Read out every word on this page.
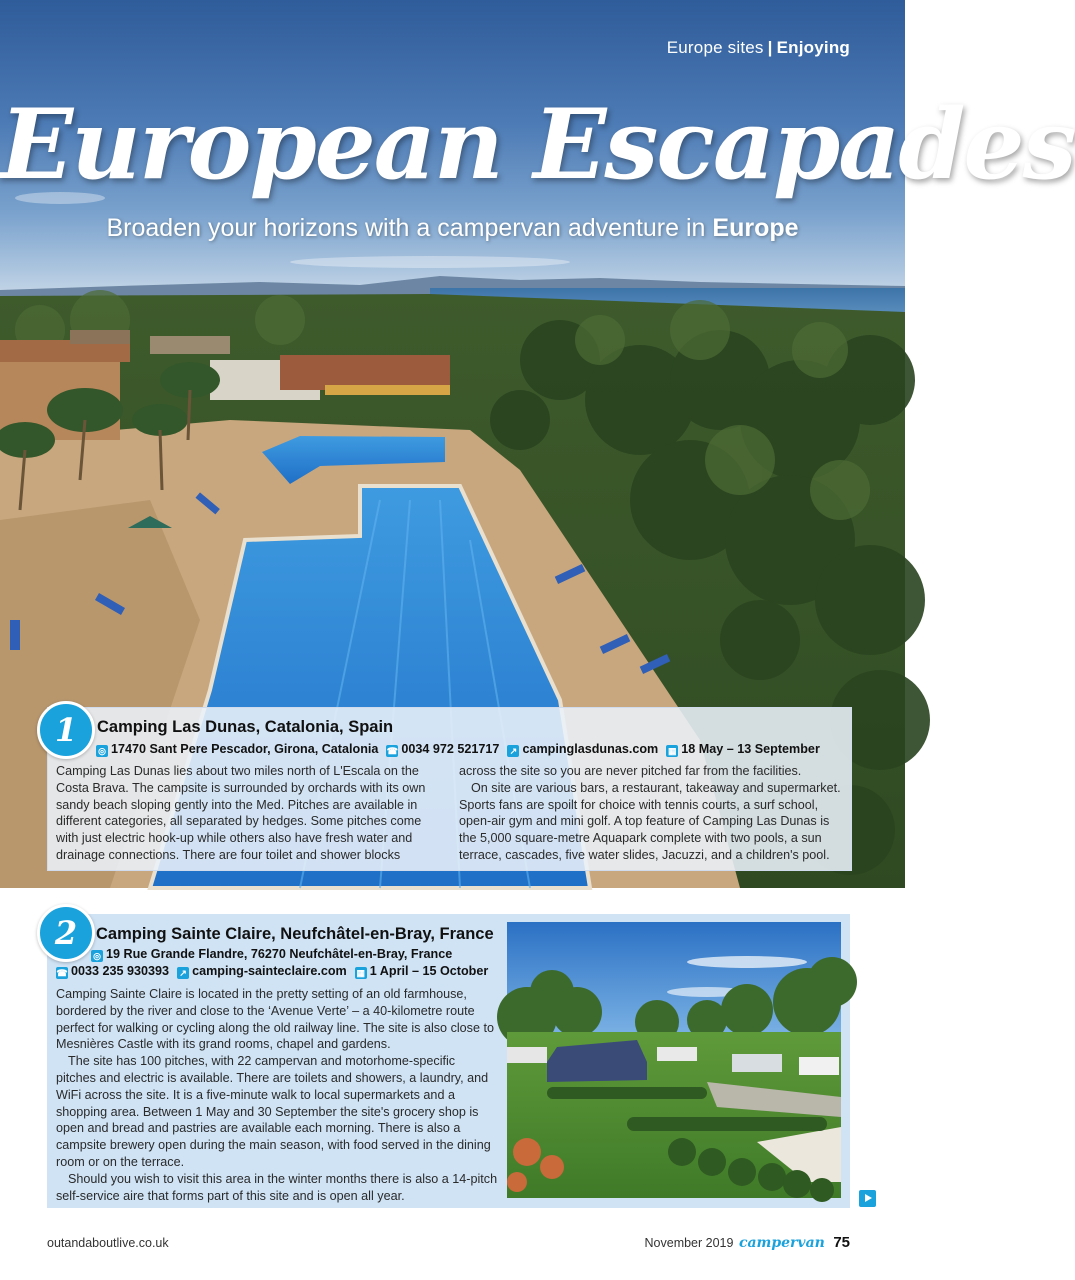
Europe sites | Enjoying
European Escapades
Broaden your horizons with a campervan adventure in Europe
1	Camping Las Dunas, Catalonia, Spain
◎ 17470 Sant Pere Pescador, Girona, Catalonia ☎ 0034 972 521717 ↗ campinglasdunas.com ▦ 18 May – 13 September

Camping Las Dunas lies about two miles north of L'Escala on the Costa Brava. The campsite is surrounded by orchards with its own sandy beach sloping gently into the Med. Pitches are available in different categories, all separated by hedges. Some pitches come with just electric hook-up while others also have fresh water and drainage connections. There are four toilet and shower blocks

across the site so you are never pitched far from the facilities.
On site are various bars, a restaurant, takeaway and supermarket. Sports fans are spoilt for choice with tennis courts, a surf school, open-air gym and mini golf. A top feature of Camping Las Dunas is the 5,000 square-metre Aquapark complete with two pools, a sun terrace, cascades, five water slides, Jacuzzi, and a children's pool.
2	Camping Sainte Claire, Neufchâtel-en-Bray, France
◎ 19 Rue Grande Flandre, 76270 Neufchâtel-en-Bray, France
☎ 0033 235 930393 ↗ camping-sainteclaire.com ▦ 1 April – 15 October
Camping Sainte Claire is located in the pretty setting of an old farmhouse, bordered by the river and close to the ‘Avenue Verte’ – a 40-kilometre route perfect for walking or cycling along the old railway line. The site is also close to Mesnières Castle with its grand rooms, chapel and gardens.
The site has 100 pitches, with 22 campervan and motorhome-specific pitches and electric is available. There are toilets and showers, a laundry, and WiFi across the site. It is a five-minute walk to local supermarkets and a shopping area. Between 1 May and 30 September the site's grocery shop is open and bread and pastries are available each morning. There is also a campsite brewery open during the main season, with food served in the dining room or on the terrace.
Should you wish to visit this area in the winter months there is also a 14-pitch self-service aire that forms part of this site and is open all year.
outandaboutlive.co.uk	November 2019 campervan 75
